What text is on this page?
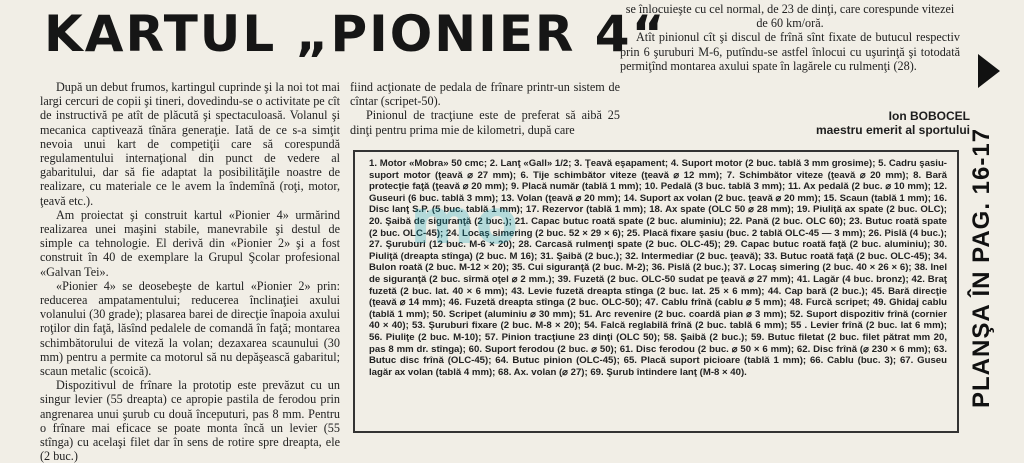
KARTUL „PIONIER 4“

După un debut frumos, kartingul cuprinde şi la noi tot mai largi cercuri de copii şi tineri, dovedindu-se o activitate pe cît de instructivă pe atît de plăcută şi spectaculoasă. Volanul şi mecanica captivează tînăra generaţie. Iată de ce s-a simţit nevoia unui kart de competiţii care să corespundă regulamentului internaţional din punct de vedere al gabaritului, dar să fie adaptat la posibilităţile noastre de realizare, cu materiale ce le avem la îndemînă (roţi, motor, ţeavă etc.).

Am proiectat şi construit kartul «Pionier 4» urmărind realizarea unei maşini stabile, manevrabile şi destul de simple ca tehnologie. El derivă din «Pionier 2» şi a fost construit în 40 de exemplare la Grupul Şcolar profesional «Galvan Tei».

«Pionier 4» se deosebeşte de kartul «Pionier 2» prin: reducerea ampatamentului; reducerea înclinaţiei axului volanului (30 grade); plasarea barei de direcţie înapoia axului roţilor din faţă, lăsînd pedalele de comandă în faţă; montarea schimbătorului de viteză la volan; dezaxarea scaunului (30 mm) pentru a permite ca motorul să nu depăşească gabaritul; scaun metalic (scoică).

Dispozitivul de frînare la prototip este prevăzut cu un singur levier (55 dreapta) ce apropie pastila de ferodou prin angrenarea unui şurub cu două începuturi, pas 8 mm. Pentru o frînare mai eficace se poate monta încă un levier (55 stînga) cu acelaşi filet dar în sens de rotire spre dreapta, ele (2 buc.)

fiind acţionate de pedala de frînare printr-un sistem de cîntar (scripet-50).

Pinionul de tracţiune este de preferat să aibă 25 dinţi pentru prima mie de kilometri, după care

se înlocuieşte cu cel normal, de 23 de dinţi, care corespunde vitezei de 60 km/oră.

Atît pinionul cît şi discul de frînă sînt fixate de butucul respectiv prin 6 şuruburi M-6, putîndu-se astfel înlocui cu uşurinţă şi totodată permiţînd montarea axului spate în lagărele cu rulmenţi (28).

Ion BOBOCEL
maestru emerit al sportului
1. Motor «Mobra» 50 cmc; 2. Lanţ «Gall» 1/2; 3. Ţeavă eşapament; 4. Suport motor (2 buc. tablă 3 mm grosime); 5. Cadru şasiu-suport motor (ţeavă ⌀ 27 mm); 6. Tije schimbător viteze (ţeavă ⌀ 12 mm); 7. Schimbător viteze (ţeavă ⌀ 20 mm); 8. Bară protecţie faţă (ţeavă ⌀ 20 mm); 9. Placă număr (tablă 1 mm); 10. Pedală (3 buc. tablă 3 mm); 11. Ax pedală (2 buc. ⌀ 10 mm); 12. Guseuri (6 buc. tablă 3 mm); 13. Volan (ţeavă ⌀ 20 mm); 14. Suport ax volan (2 buc. ţeavă ⌀ 20 mm); 15. Scaun (tablă 1 mm); 16. Disc lanţ S.P. (5 buc. tablă 1 mm); 17. Rezervor (tablă 1 mm); 18. Ax spate (OLC 50 ⌀ 28 mm); 19. Piuliţă ax spate (2 buc. OLC); 20. Şaibă de siguranţă (2 buc.); 21. Capac butuc roată spate (2 buc. aluminiu); 22. Pană (2 buc. OLC 60); 23. Butuc roată spate (2 buc. OLC-45); 24. Locaş simering (2 buc. 52 × 29 × 6); 25. Placă fixare şasiu (buc. 2 tablă OLC-45 — 3 mm); 26. Pislă (4 buc.); 27. Şuruburi (12 buc. M-6 × 20); 28. Carcasă rulmenţi spate (2 buc. OLC-45); 29. Capac butuc roată faţă (2 buc. aluminiu); 30. Piuliţă (dreapta stînga) (2 buc. M 16); 31. Şaibă (2 buc.); 32. Intermediar (2 buc. ţeavă); 33. Butuc roată faţă (2 buc. OLC-45); 34. Bulon roată (2 buc. M-12 × 20); 35. Cui siguranţă (2 buc. M-2); 36. Pislă (2 buc.); 37. Locaş simering (2 buc. 40 × 26 × 6); 38. Inel de siguranţă (2 buc. sîrmă oţel ⌀ 2 mm.); 39. Fuzetă (2 buc. OLC-50 sudat pe ţeavă ⌀ 27 mm); 41. Lagăr (4 buc. bronz); 42. Braţ fuzetă (2 buc. lat. 40 × 6 mm); 43. Levie fuzetă dreapta stînga (2 buc. lat. 25 × 6 mm); 44. Cap bară (2 buc.); 45. Bară direcţie (ţeavă ⌀ 14 mm); 46. Fuzetă dreapta stînga (2 buc. OLC-50); 47. Cablu frînă (cablu ⌀ 5 mm); 48. Furcă scripet; 49. Ghidaj cablu (tablă 1 mm); 50. Scripet (aluminiu ⌀ 30 mm); 51. Arc revenire (2 buc. coardă pian ⌀ 3 mm); 52. Suport dispozitiv frînă (cornier 40 × 40); 53. Şuruburi fixare (2 buc. M-8 × 20); 54. Falcă reglabilă frînă (2 buc. tablă 6 mm); 55 . Levier frînă (2 buc. lat 6 mm); 56. Piuliţe (2 buc. M-10); 57. Pinion tracţiune 23 dinţi (OLC 50); 58. Şaibă (2 buc.); 59. Butuc filetat (2 buc. filet pătrat mm 20, pas 8 mm dr. stînga); 60. Suport ferodou (2 buc. ⌀ 50); 61. Disc ferodou (2 buc. ⌀ 50 × 6 mm); 62. Disc frînă (⌀ 230 × 6 mm); 63. Butuc disc frînă (OLC-45); 64. Butuc pinion (OLC-45); 65. Placă suport picioare (tablă 1 mm); 66. Cablu (buc. 3); 67. Guseu lagăr ax volan (tablă 4 mm); 68. Ax. volan (⌀ 27); 69. Şurub întindere lanţ (M-8 × 40).
mo	PLANŞA ÎN PAG. 16-17
